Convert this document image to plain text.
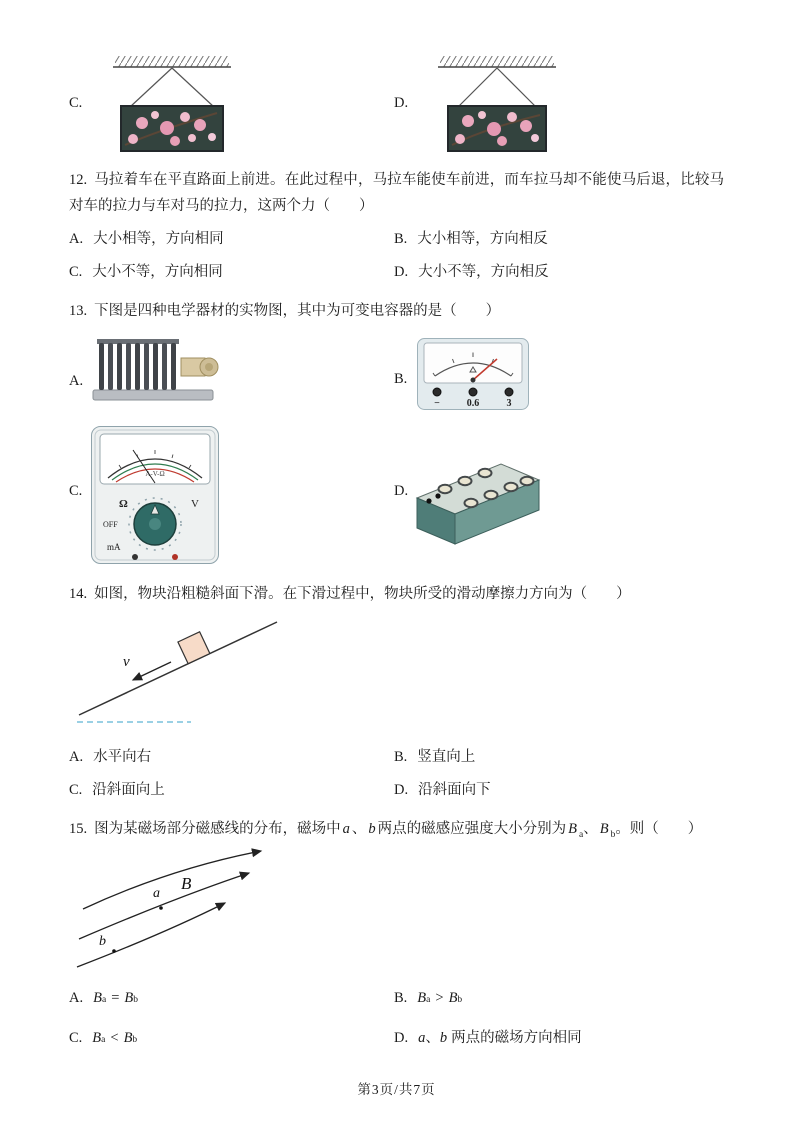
C.	D.

12. 马拉着车在平直路面上前进。在此过程中，马拉车能使车前进，而车拉马却不能使马后退，比较马对车的拉力与车对马的拉力，这两个力（　　）

A. 大小相等，方向相同	B. 大小相等，方向相反
C. 大小不等，方向相同	D. 大小不等，方向相反

13. 下图是四种电学器材的实物图，其中为可变电容器的是（　　）

A.	B.
−	0.6	3
C.
A-V-Ω
Ω
OFF
mA
V
D.

14. 如图，物块沿粗糙斜面下滑。在下滑过程中，物块所受的滑动摩擦力方向为（　　）

v
A. 水平向右	B. 竖直向上
C. 沿斜面向上	D. 沿斜面向下

15. 图为某磁场部分磁感线的分布，磁场中 a 、 b 两点的磁感应强度大小分别为 B $_a$、 B $_b$。则（　　）

a
b
B
A. B a = B b	B. B a > B b
C. B a < B b	D. a 、 b 两点的磁场方向相同
第3页/共7页
